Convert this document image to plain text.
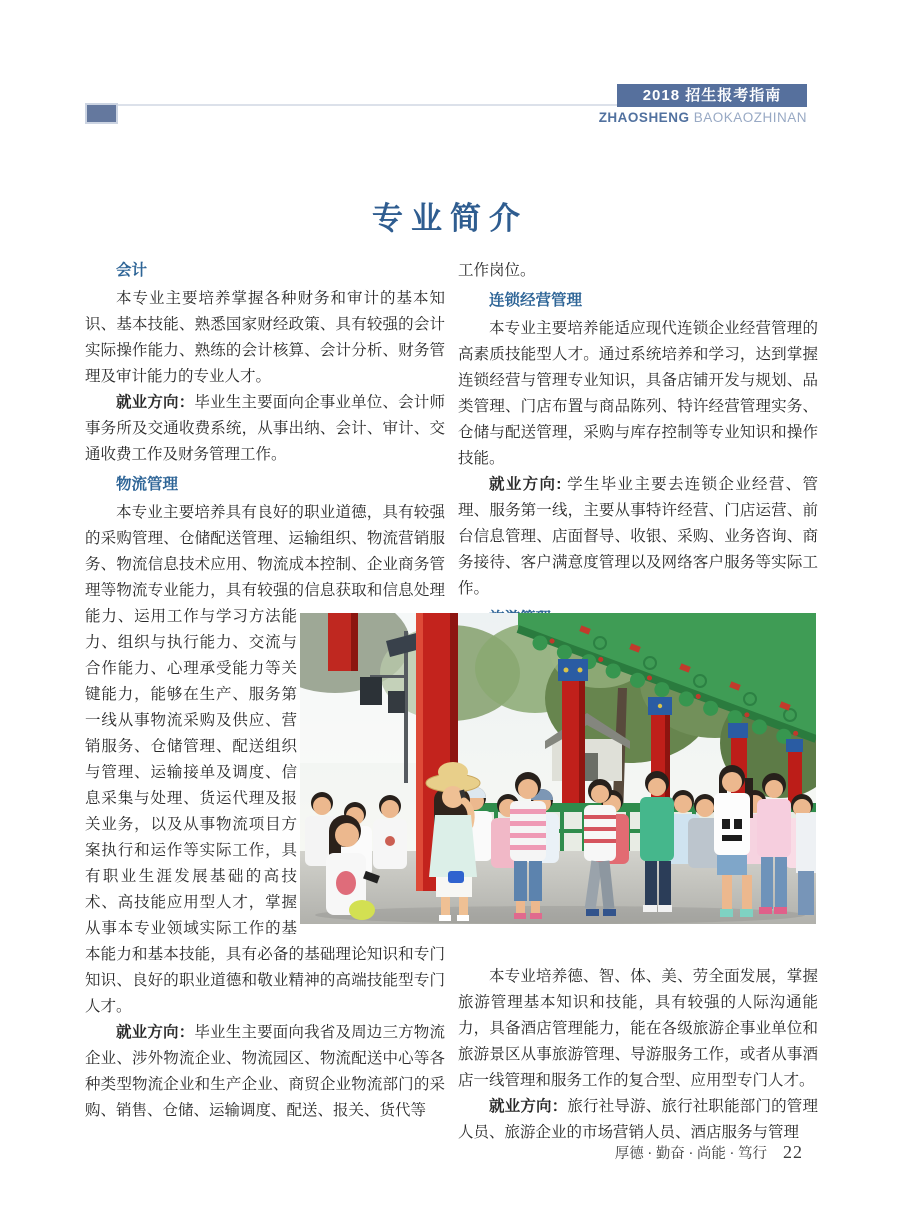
2018 招生报考指南
ZHAOSHENG BAOKAOZHINAN
专业简介
会计

本专业主要培养掌握各种财务和审计的基本知识、基本技能、熟悉国家财经政策、具有较强的会计实际操作能力、熟练的会计核算、会计分析、财务管理及审计能力的专业人才。

就业方向：毕业生主要面向企事业单位、会计师事务所及交通收费系统，从事出纳、会计、审计、交通收费工作及财务管理工作。

物流管理

本专业主要培养具有良好的职业道德，具有较强的采购管理、仓储配送管理、运输组织、物流营销服务、物流信息技术应用、物流成本控制、企业商务管理等物流专业能力，具有较强的信息获取和信息
处理能力、运用工作与学习方法能力、组织与执行能力、交流与合作能力、心理承受能力等关键能力，能够在生产、服务第一线从事物流采购及供应、营销服务、仓储管理、配送组织与管理、运输接单及调度、信息采集与处理、货运代理及报关业务，以及从事物流项目方案执行和运作等实际工作，具有职业生涯发展基础的高技术、高技能应用型人才，掌握从事本专业领域实际工作的基本能力和基本技能，具有必备的基础理论知识和专门知识、良好的职业道德和敬业精神的高端技能型专门人才。

就业方向：毕业生主要面向我省及周边三方物流企业、涉外物流企业、物流园区、物流配送中心等各种类型物流企业和生产企业、商贸企业物流部门的采购、销售、仓储、运输调度、配送、报关、货代等

工作岗位。

连锁经营管理

本专业主要培养能适应现代连锁企业经营管理的高素质技能型人才。通过系统培养和学习，达到掌握连锁经营与管理专业知识，具备店铺开发与规划、品类管理、门店布置与商品陈列、特许经营管理实务、仓储与配送管理，采购与库存控制等专业知识和操作技能。

就业方向: 学生毕业主要去连锁企业经营、管理、服务第一线，主要从事特许经营、门店运营、前台信息管理、店面督导、收银、采购、业务咨询、商务接待、客户满意度管理以及网络客户服务等实际工作。

本专业培养德、智、体、美、劳全面发展，掌握旅游管理基本知识和技能，具有较强的人际沟通能力，具备酒店管理能力，能在各级旅游企事业单位和旅游景区从事旅游管理、导游服务工作，或者从事酒店一线管理和服务工作的复合型、应用型专门人才。

就业方向：旅行社导游、旅行社职能部门的管理人员、旅游企业的市场营销人员、酒店服务与管理

厚德 · 勤奋 · 尚能 · 笃行 22
